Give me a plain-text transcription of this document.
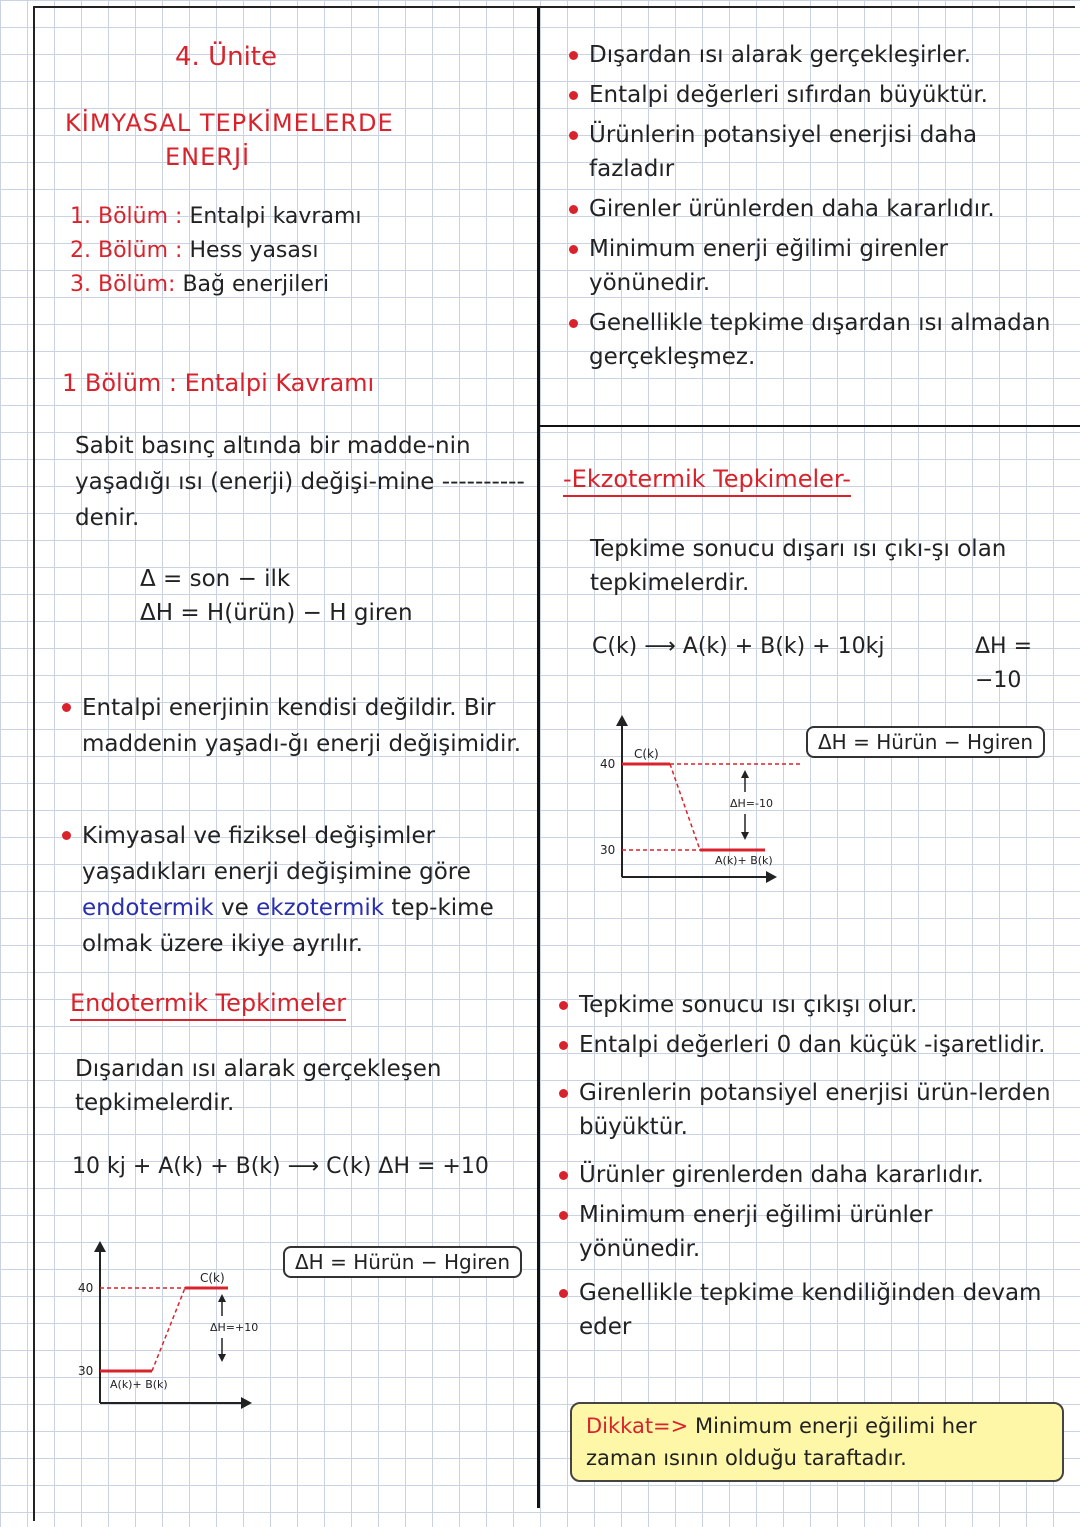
4. Ünite
KİMYASAL TEPKİMELERDE
ENERJİ
1. Bölüm : Entalpi kavramı
2. Bölüm : Hess yasası
3. Bölüm: Bağ enerjileri
1 Bölüm : Entalpi Kavramı
Sabit basınç altında bir madde-nin yaşadığı ısı (enerji) değişi-mine ---------- denir.
Δ = son − ilk
ΔH = H(ürün) − H giren
Entalpi enerjinin kendisi değildir. Bir maddenin yaşadı-ğı enerji değişimidir.
Kimyasal ve fiziksel değişimler yaşadıkları enerji değişimine göre endotermik ve ekzotermik tep-kime olmak üzere ikiye ayrılır.
Endotermik Tepkimeler
Dışarıdan ısı alarak gerçekleşen tepkimelerdir.
10 kj + A(k) + B(k) ⟶ C(k) ΔH = +10
ΔH = Hürün − Hgiren
40
30
C(k)
A(k)+ B(k)
ΔH=+10
Dışardan ısı alarak gerçekleşirler.
Entalpi değerleri sıfırdan büyüktür.
Ürünlerin potansiyel enerjisi daha fazladır
Girenler ürünlerden daha kararlıdır.
Minimum enerji eğilimi girenler yönünedir.
Genellikle tepkime dışardan ısı almadan gerçekleşmez.
-Ekzotermik Tepkimeler-
Tepkime sonucu dışarı ısı çıkı-şı olan tepkimelerdir.
C(k) ⟶ A(k) + B(k) + 10kj	ΔH = −10
ΔH = Hürün − Hgiren
40
30
C(k)
A(k)+ B(k)
ΔH=-10
Tepkime sonucu ısı çıkışı olur.
Entalpi değerleri 0 dan küçük -işaretlidir.
Girenlerin potansiyel enerjisi ürün-lerden büyüktür.
Ürünler girenlerden daha kararlıdır.
Minimum enerji eğilimi ürünler yönünedir.
Genellikle tepkime kendiliğinden devam eder
Dikkat=> Minimum enerji eğilimi her zaman ısının olduğu taraftadır.
